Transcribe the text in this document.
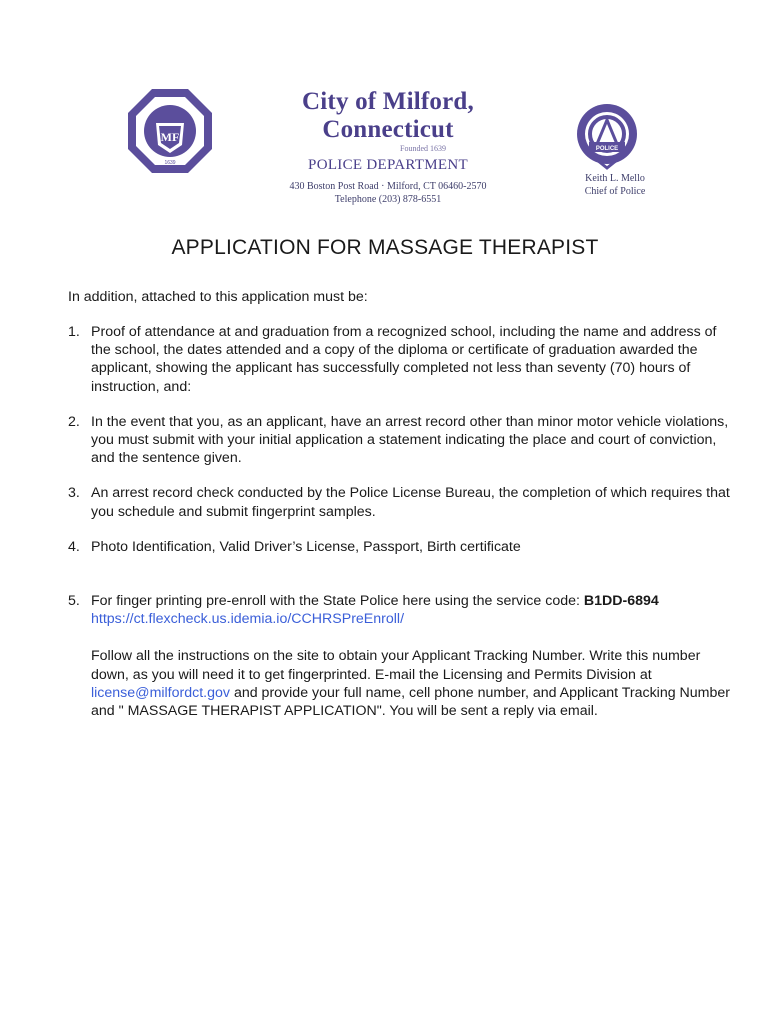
MF
1639
City of Milford, Connecticut
Founded 1639
POLICE DEPARTMENT
430 Boston Post Road · Milford, CT 06460-2570
Telephone (203) 878-6551
POLICE
Keith L. Mello
Chief of Police
APPLICATION FOR MASSAGE THERAPIST
In addition, attached to this application must be:
1. Proof of attendance at and graduation from a recognized school, including the name and address of the school, the dates attended and a copy of the diploma or certificate of graduation awarded the applicant, showing the applicant has successfully completed not less than seventy (70) hours of instruction, and:
2. In the event that you, as an applicant, have an arrest record other than minor motor vehicle violations, you must submit with your initial application a statement indicating the place and court of conviction, and the sentence given.
3. An arrest record check conducted by the Police License Bureau, the completion of which requires that you schedule and submit fingerprint samples.
4. Photo Identification, Valid Driver’s License, Passport, Birth certificate
5. For finger printing pre-enroll with the State Police here using the service code: B1DD-6894
https://ct.flexcheck.us.idemia.io/CCHRSPreEnroll/
Follow all the instructions on the site to obtain your Applicant Tracking Number. Write this number down, as you will need it to get fingerprinted. E-mail the Licensing and Permits Division at license@milfordct.gov and provide your full name, cell phone number, and Applicant Tracking Number and " MASSAGE THERAPIST APPLICATION". You will be sent a reply via email.
